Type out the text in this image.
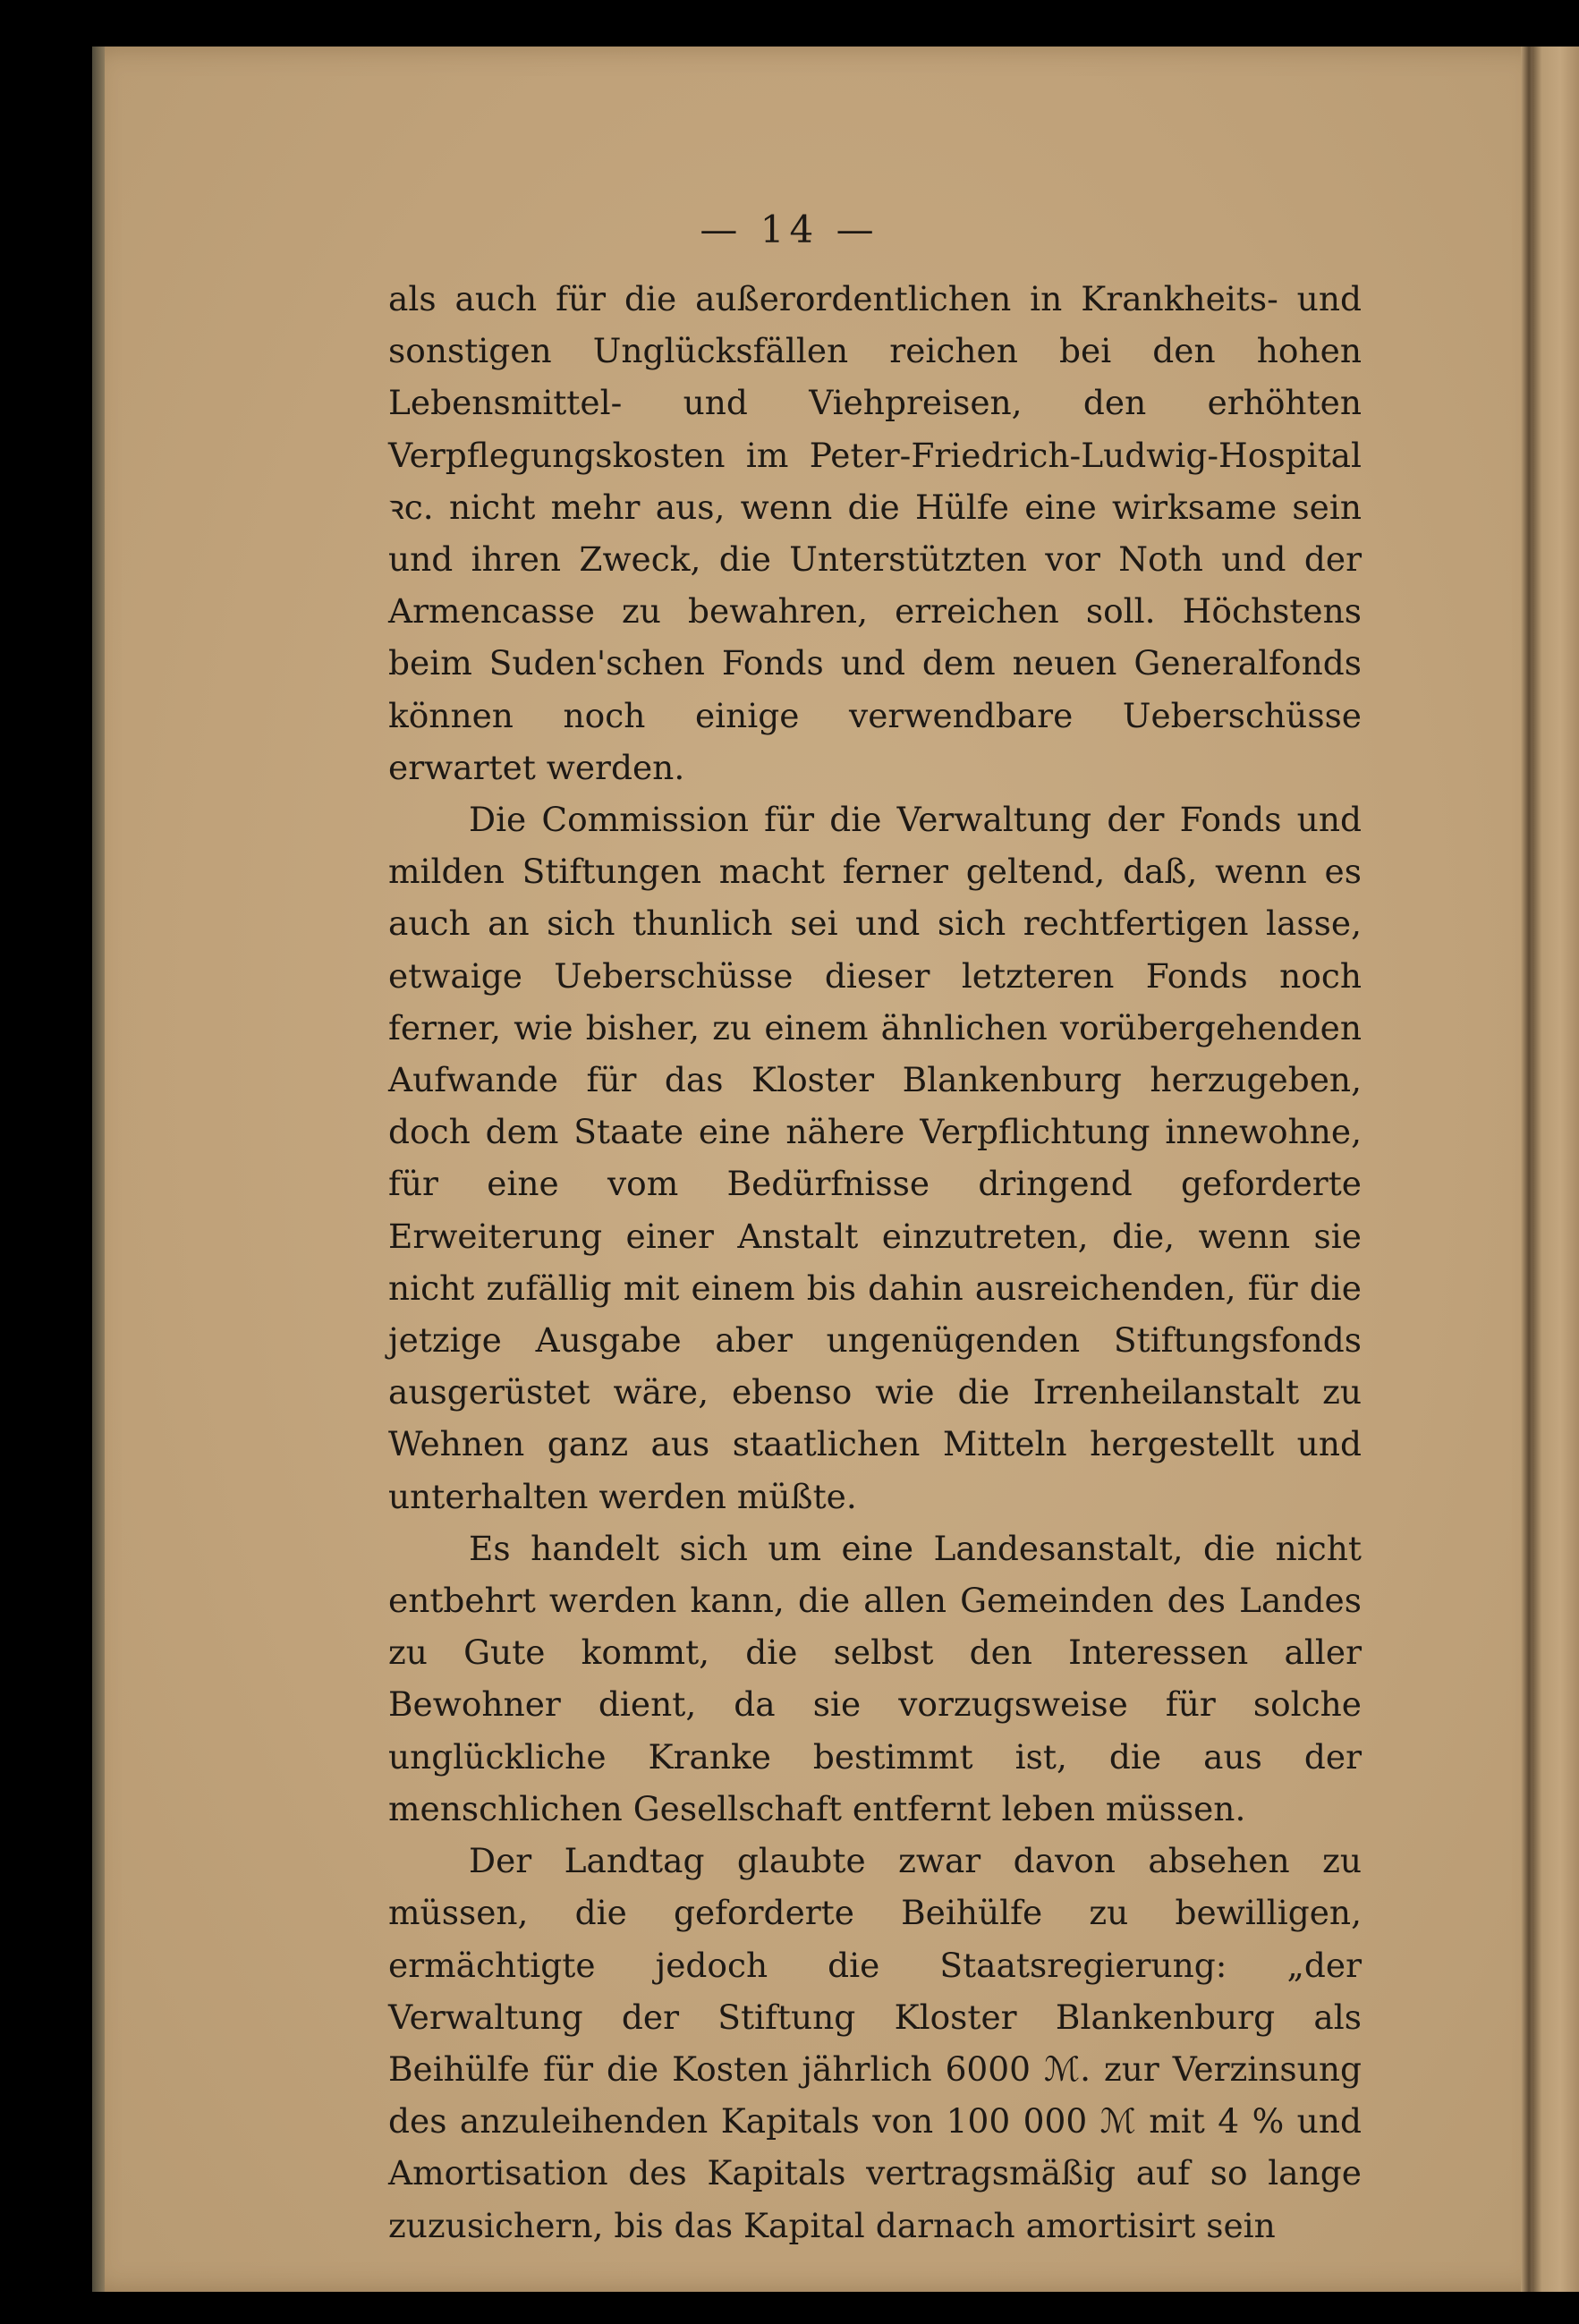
— 14 —

als auch für die außerordentlichen in Krankheits- und sonstigen Unglücksfällen reichen bei den hohen Lebensmittel- und Viehpreisen, den erhöhten Verpflegungskosten im Peter-Friedrich-Ludwig-Hospital ꝛc. nicht mehr aus, wenn die Hülfe eine wirksame sein und ihren Zweck, die Unterstützten vor Noth und der Armencasse zu bewahren, erreichen soll. Höchstens beim Suden'schen Fonds und dem neuen Generalfonds können noch einige verwendbare Ueberschüsse erwartet werden.

Die Commission für die Verwaltung der Fonds und milden Stiftungen macht ferner geltend, daß, wenn es auch an sich thunlich sei und sich rechtfertigen lasse, etwaige Ueberschüsse dieser letzteren Fonds noch ferner, wie bisher, zu einem ähnlichen vorübergehenden Aufwande für das Kloster Blankenburg herzugeben, doch dem Staate eine nähere Verpflichtung innewohne, für eine vom Bedürfnisse dringend geforderte Erweiterung einer Anstalt einzutreten, die, wenn sie nicht zufällig mit einem bis dahin ausreichenden, für die jetzige Ausgabe aber ungenügenden Stiftungsfonds ausgerüstet wäre, ebenso wie die Irrenheilanstalt zu Wehnen ganz aus staatlichen Mitteln hergestellt und unterhalten werden müßte.

Es handelt sich um eine Landesanstalt, die nicht entbehrt werden kann, die allen Gemeinden des Landes zu Gute kommt, die selbst den Interessen aller Bewohner dient, da sie vorzugsweise für solche unglückliche Kranke bestimmt ist, die aus der menschlichen Gesellschaft entfernt leben müssen.

Der Landtag glaubte zwar davon absehen zu müssen, die geforderte Beihülfe zu bewilligen, ermächtigte jedoch die Staatsregierung: „der Verwaltung der Stiftung Kloster Blankenburg als Beihülfe für die Kosten jährlich 6000 ℳ. zur Verzinsung des anzuleihenden Kapitals von 100 000 ℳ mit 4 % und Amortisation des Kapitals vertragsmäßig auf so lange zuzusichern, bis das Kapital darnach amortisirt sein
